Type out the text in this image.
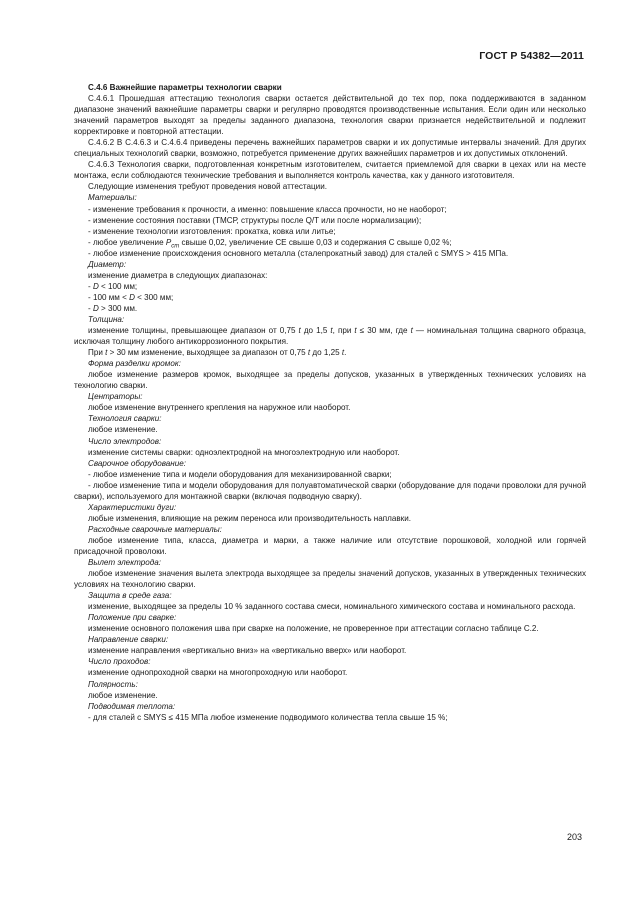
ГОСТ Р 54382—2011

С.4.6 Важнейшие параметры технологии сварки

С.4.6.1 Прошедшая аттестацию технология сварки остается действительной до тех пор, пока поддерживаются в заданном диапазоне значений важнейшие параметры сварки и регулярно проводятся производственные испытания. Если один или несколько значений параметров выходят за пределы заданного диапазона, технология сварки признается недействительной и подлежит корректировке и повторной аттестации.

С.4.6.2 В С.4.6.3 и С.4.6.4 приведены перечень важнейших параметров сварки и их допустимые интервалы значений. Для других специальных технологий сварки, возможно, потребуется применение других важнейших параметров и их допустимых отклонений.

С.4.6.3 Технология сварки, подготовленная конкретным изготовителем, считается приемлемой для сварки в цехах или на месте монтажа, если соблюдаются технические требования и выполняется контроль качества, как у данного изготовителя.

Следующие изменения требуют проведения новой аттестации.

Материалы:

- изменение требования к прочности, а именно: повышение класса прочности, но не наоборот;

- изменение состояния поставки (ТМСР, структуры после Q/T или после нормализации);

- изменение технологии изготовления: прокатка, ковка или литье;

- любое увеличение $P_{cm}$ свыше 0,02, увеличение СЕ свыше 0,03 и содержания С свыше 0,02 %;

- любое изменение происхождения основного металла (сталепрокатный завод) для сталей с SMYS > 415 МПа.

Диаметр:

изменение диаметра в следующих диапазонах:

- D < 100 мм;

- 100 мм < D < 300 мм;

- D > 300 мм.

Толщина:

изменение толщины, превышающее диапазон от 0,75 t до 1,5 t, при t ≤ 30 мм, где t — номинальная толщина сварного образца, исключая толщину любого антикоррозионного покрытия.

При t > 30 мм изменение, выходящее за диапазон от 0,75 t до 1,25 t.

Форма разделки кромок:

любое изменение размеров кромок, выходящее за пределы допусков, указанных в утвержденных технических условиях на технологию сварки.

Центраторы:

любое изменение внутреннего крепления на наружное или наоборот.

Технология сварки:

любое изменение.

Число электродов:

изменение системы сварки: одноэлектродной на многоэлектродную или наоборот.

Сварочное оборудование:

- любое изменение типа и модели оборудования для механизированной сварки;

- любое изменение типа и модели оборудования для полуавтоматической сварки (оборудование для подачи проволоки для ручной сварки), используемого для монтажной сварки (включая подводную сварку).

Характеристики дуги:

любые изменения, влияющие на режим переноса или производительность наплавки.

Расходные сварочные материалы:

любое изменение типа, класса, диаметра и марки, а также наличие или отсутствие порошковой, холодной или горячей присадочной проволоки.

Вылет электрода:

любое изменение значения вылета электрода выходящее за пределы значений допусков, указанных в утвержденных технических условиях на технологию сварки.

Защита в среде газа:

изменение, выходящее за пределы 10 % заданного состава смеси, номинального химического состава и номинального расхода.

Положение при сварке:

изменение основного положения шва при сварке на положение, не проверенное при аттестации согласно таблице С.2.

Направление сварки:

изменение направления «вертикально вниз» на «вертикально вверх» или наоборот.

Число проходов:

изменение однопроходной сварки на многопроходную или наоборот.

Полярность:

любое изменение.

Подводимая теплота:

- для сталей с SMYS ≤ 415 МПа любое изменение подводимого количества тепла свыше 15 %;

203
